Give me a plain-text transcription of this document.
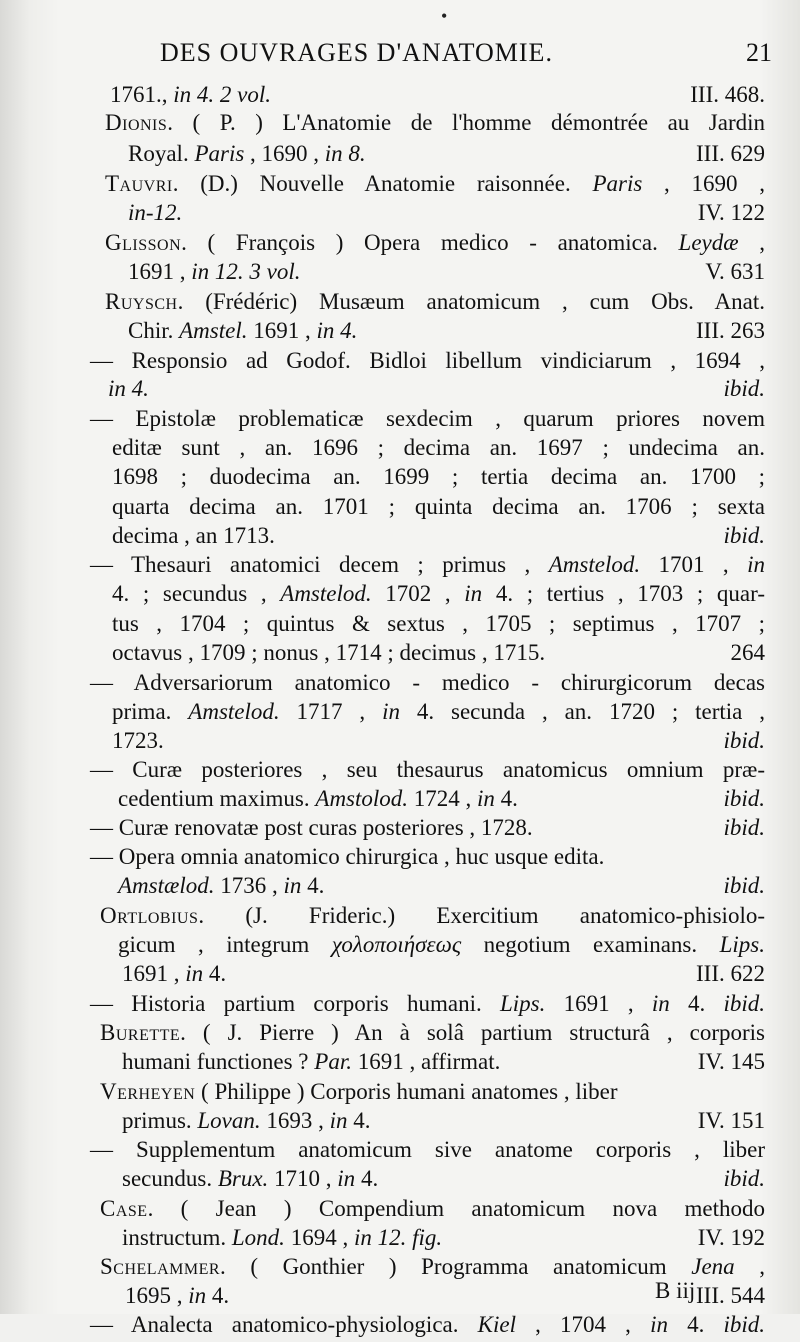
•
DES OUVRAGES D'ANATOMIE.	21
1761., in 4. 2 vol.	III. 468.
Dionis. ( P. ) L'Anatomie de l'homme démontrée au Jardin
Royal. Paris , 1690 , in 8.	III. 629
Tauvri. (D.) Nouvelle Anatomie raisonnée. Paris , 1690 ,
in-12.	IV. 122
Glisson. ( François ) Opera medico - anatomica. Leydæ ,
1691 , in 12. 3 vol.	V. 631
Ruysch. (Frédéric) Musæum anatomicum , cum Obs. Anat.
Chir. Amstel. 1691 , in 4.	III. 263
— Responsio ad Godof. Bidloi libellum vindiciarum , 1694 ,
in 4.	ibid.
— Epistolæ problematicæ sexdecim , quarum priores novem
editæ sunt , an. 1696 ; decima an. 1697 ; undecima an.
1698 ; duodecima an. 1699 ; tertia decima an. 1700 ;
quarta decima an. 1701 ; quinta decima an. 1706 ; sexta
decima , an 1713.	ibid.
— Thesauri anatomici decem ; primus , Amstelod. 1701 , in
4. ; secundus , Amstelod. 1702 , in 4. ; tertius , 1703 ; quar-
tus , 1704 ; quintus & sextus , 1705 ; septimus , 1707 ;
octavus , 1709 ; nonus , 1714 ; decimus , 1715.	264
— Adversariorum anatomico - medico - chirurgicorum decas
prima. Amstelod. 1717 , in 4. secunda , an. 1720 ; tertia ,
1723.	ibid.
— Curæ posteriores , seu thesaurus anatomicus omnium præ-
cedentium maximus. Amstolod. 1724 , in 4.	ibid.
— Curæ renovatæ post curas posteriores , 1728.	ibid.
— Opera omnia anatomico chirurgica , huc usque edita.
Amstælod. 1736 , in 4.	ibid.
Ortlobius. (J. Frideric.) Exercitium anatomico-phisiolo-
gicum , integrum χολοποιήσεως negotium examinans. Lips.
1691 , in 4.	III. 622
— Historia partium corporis humani. Lips. 1691 , in 4. ibid.
Burette. ( J. Pierre ) An à solâ partium structurâ , corporis
humani functiones ? Par. 1691 , affirmat.	IV. 145
Verheyen ( Philippe ) Corporis humani anatomes , liber
primus. Lovan. 1693 , in 4.	IV. 151
— Supplementum anatomicum sive anatome corporis , liber
secundus. Brux. 1710 , in 4.	ibid.
Case. ( Jean ) Compendium anatomicum nova methodo
instructum. Lond. 1694 , in 12. fig.	IV. 192
Schelammer. ( Gonthier ) Programma anatomicum Jena ,
1695 , in 4.	III. 544
— Analecta anatomico-physiologica. Kiel , 1704 , in 4. ibid.
B iij
